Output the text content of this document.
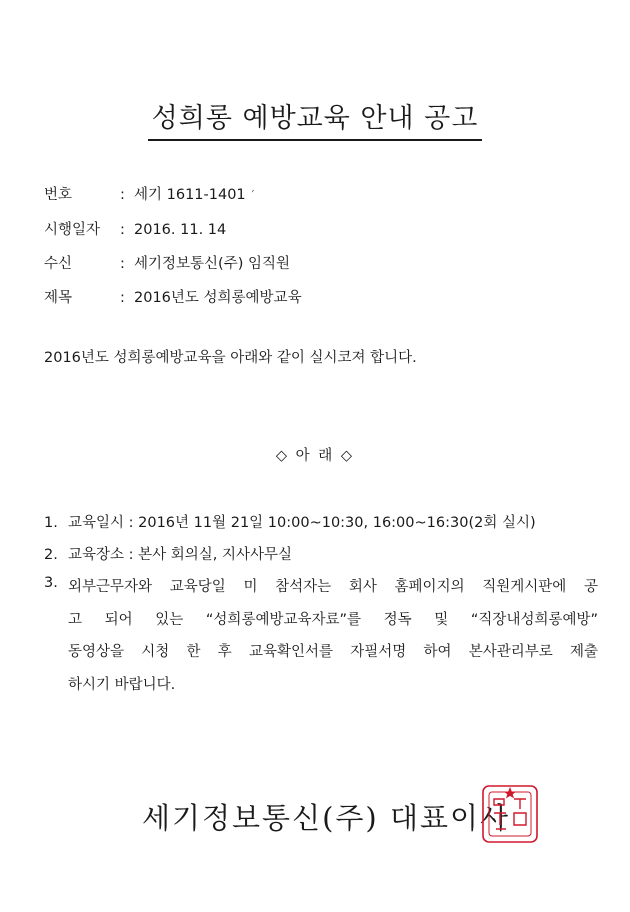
성희롱 예방교육 안내 공고
번호	: 세기 1611-1401 ′
시행일자 : 2016. 11. 14
수신	: 세기정보통신(주) 임직원
제목	: 2016년도 성희롱예방교육
2016년도 성희롱예방교육을 아래와 같이 실시코져 합니다.
◇ 아 래 ◇
1. 교육일시 : 2016년 11월 21일 10:00~10:30, 16:00~16:30(2회 실시)
2. 교육장소 : 본사 회의실, 지사사무실
3. 외부근무자와 교육당일 미 참석자는 회사 홈페이지의 직원게시판에 공
고 되어 있는 “성희롱예방교육자료”를 정독 및 “직장내성희롱예방”
동영상을 시청 한 후 교육확인서를 자필서명 하여 본사관리부로 제출
하시기 바랍니다.
세기정보통신(주) 대표이사
